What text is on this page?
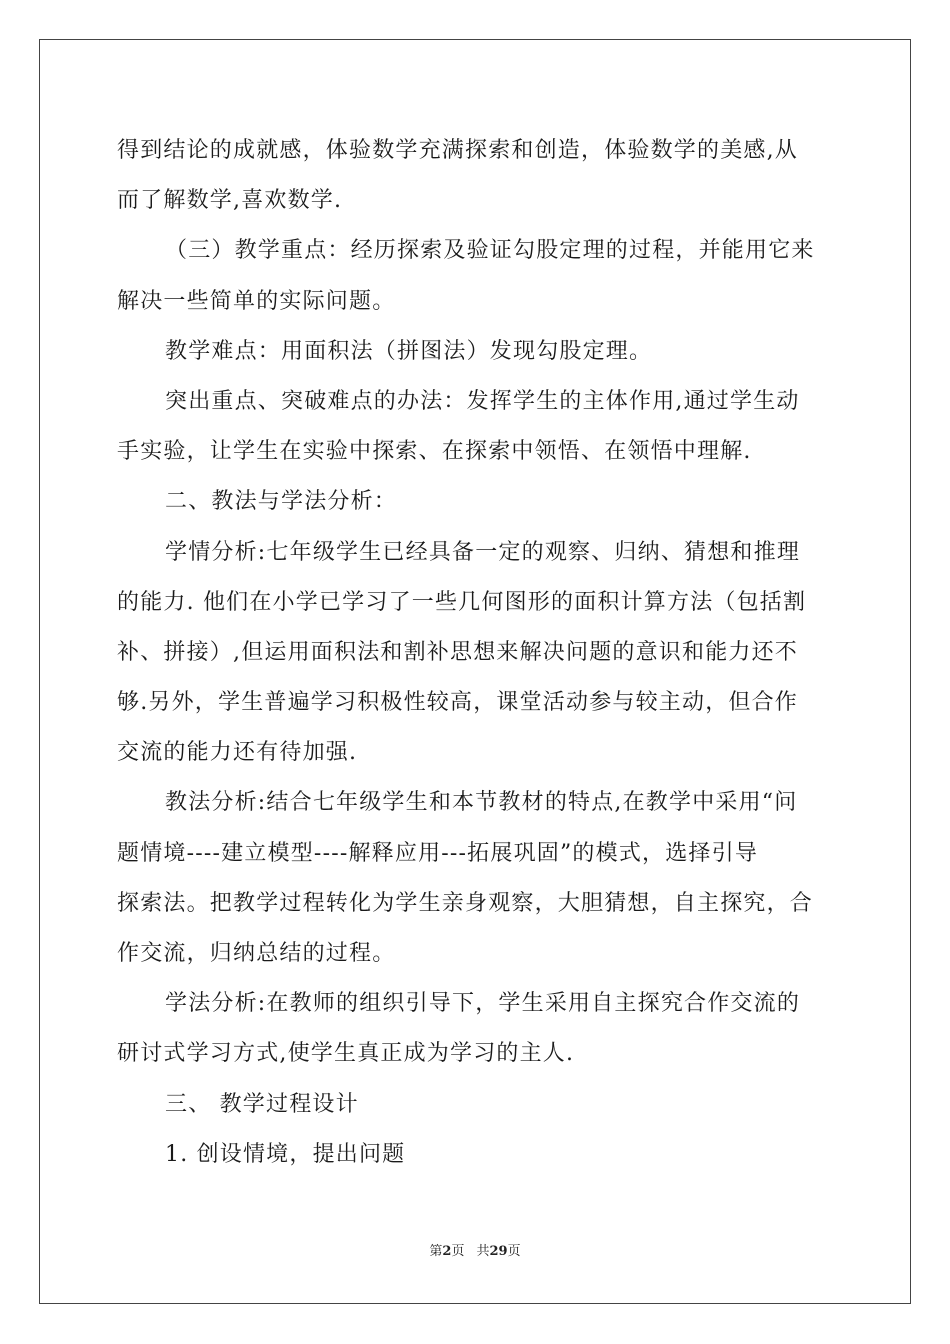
得到结论的成就感，体验数学充满探索和创造，体验数学的美感,从
而了解数学,喜欢数学.
（三）教学重点：经历探索及验证勾股定理的过程，并能用它来
解决一些简单的实际问题。
教学难点：用面积法（拼图法）发现勾股定理。
突出重点、突破难点的办法：发挥学生的主体作用,通过学生动
手实验，让学生在实验中探索、在探索中领悟、在领悟中理解.
二、教法与学法分析：
学情分析:七年级学生已经具备一定的观察、归纳、猜想和推理
的能力. 他们在小学已学习了一些几何图形的面积计算方法（包括割
补、拼接）,但运用面积法和割补思想来解决问题的意识和能力还不
够.另外，学生普遍学习积极性较高，课堂活动参与较主动，但合作
交流的能力还有待加强.
教法分析:结合七年级学生和本节教材的特点,在教学中采用“问
题情境----建立模型----解释应用---拓展巩固”的模式，选择引导
探索法。把教学过程转化为学生亲身观察，大胆猜想，自主探究，合
作交流，归纳总结的过程。
学法分析:在教师的组织引导下，学生采用自主探究合作交流的
研讨式学习方式,使学生真正成为学习的主人.
三、 教学过程设计
1. 创设情境，提出问题
第2页 共29页
